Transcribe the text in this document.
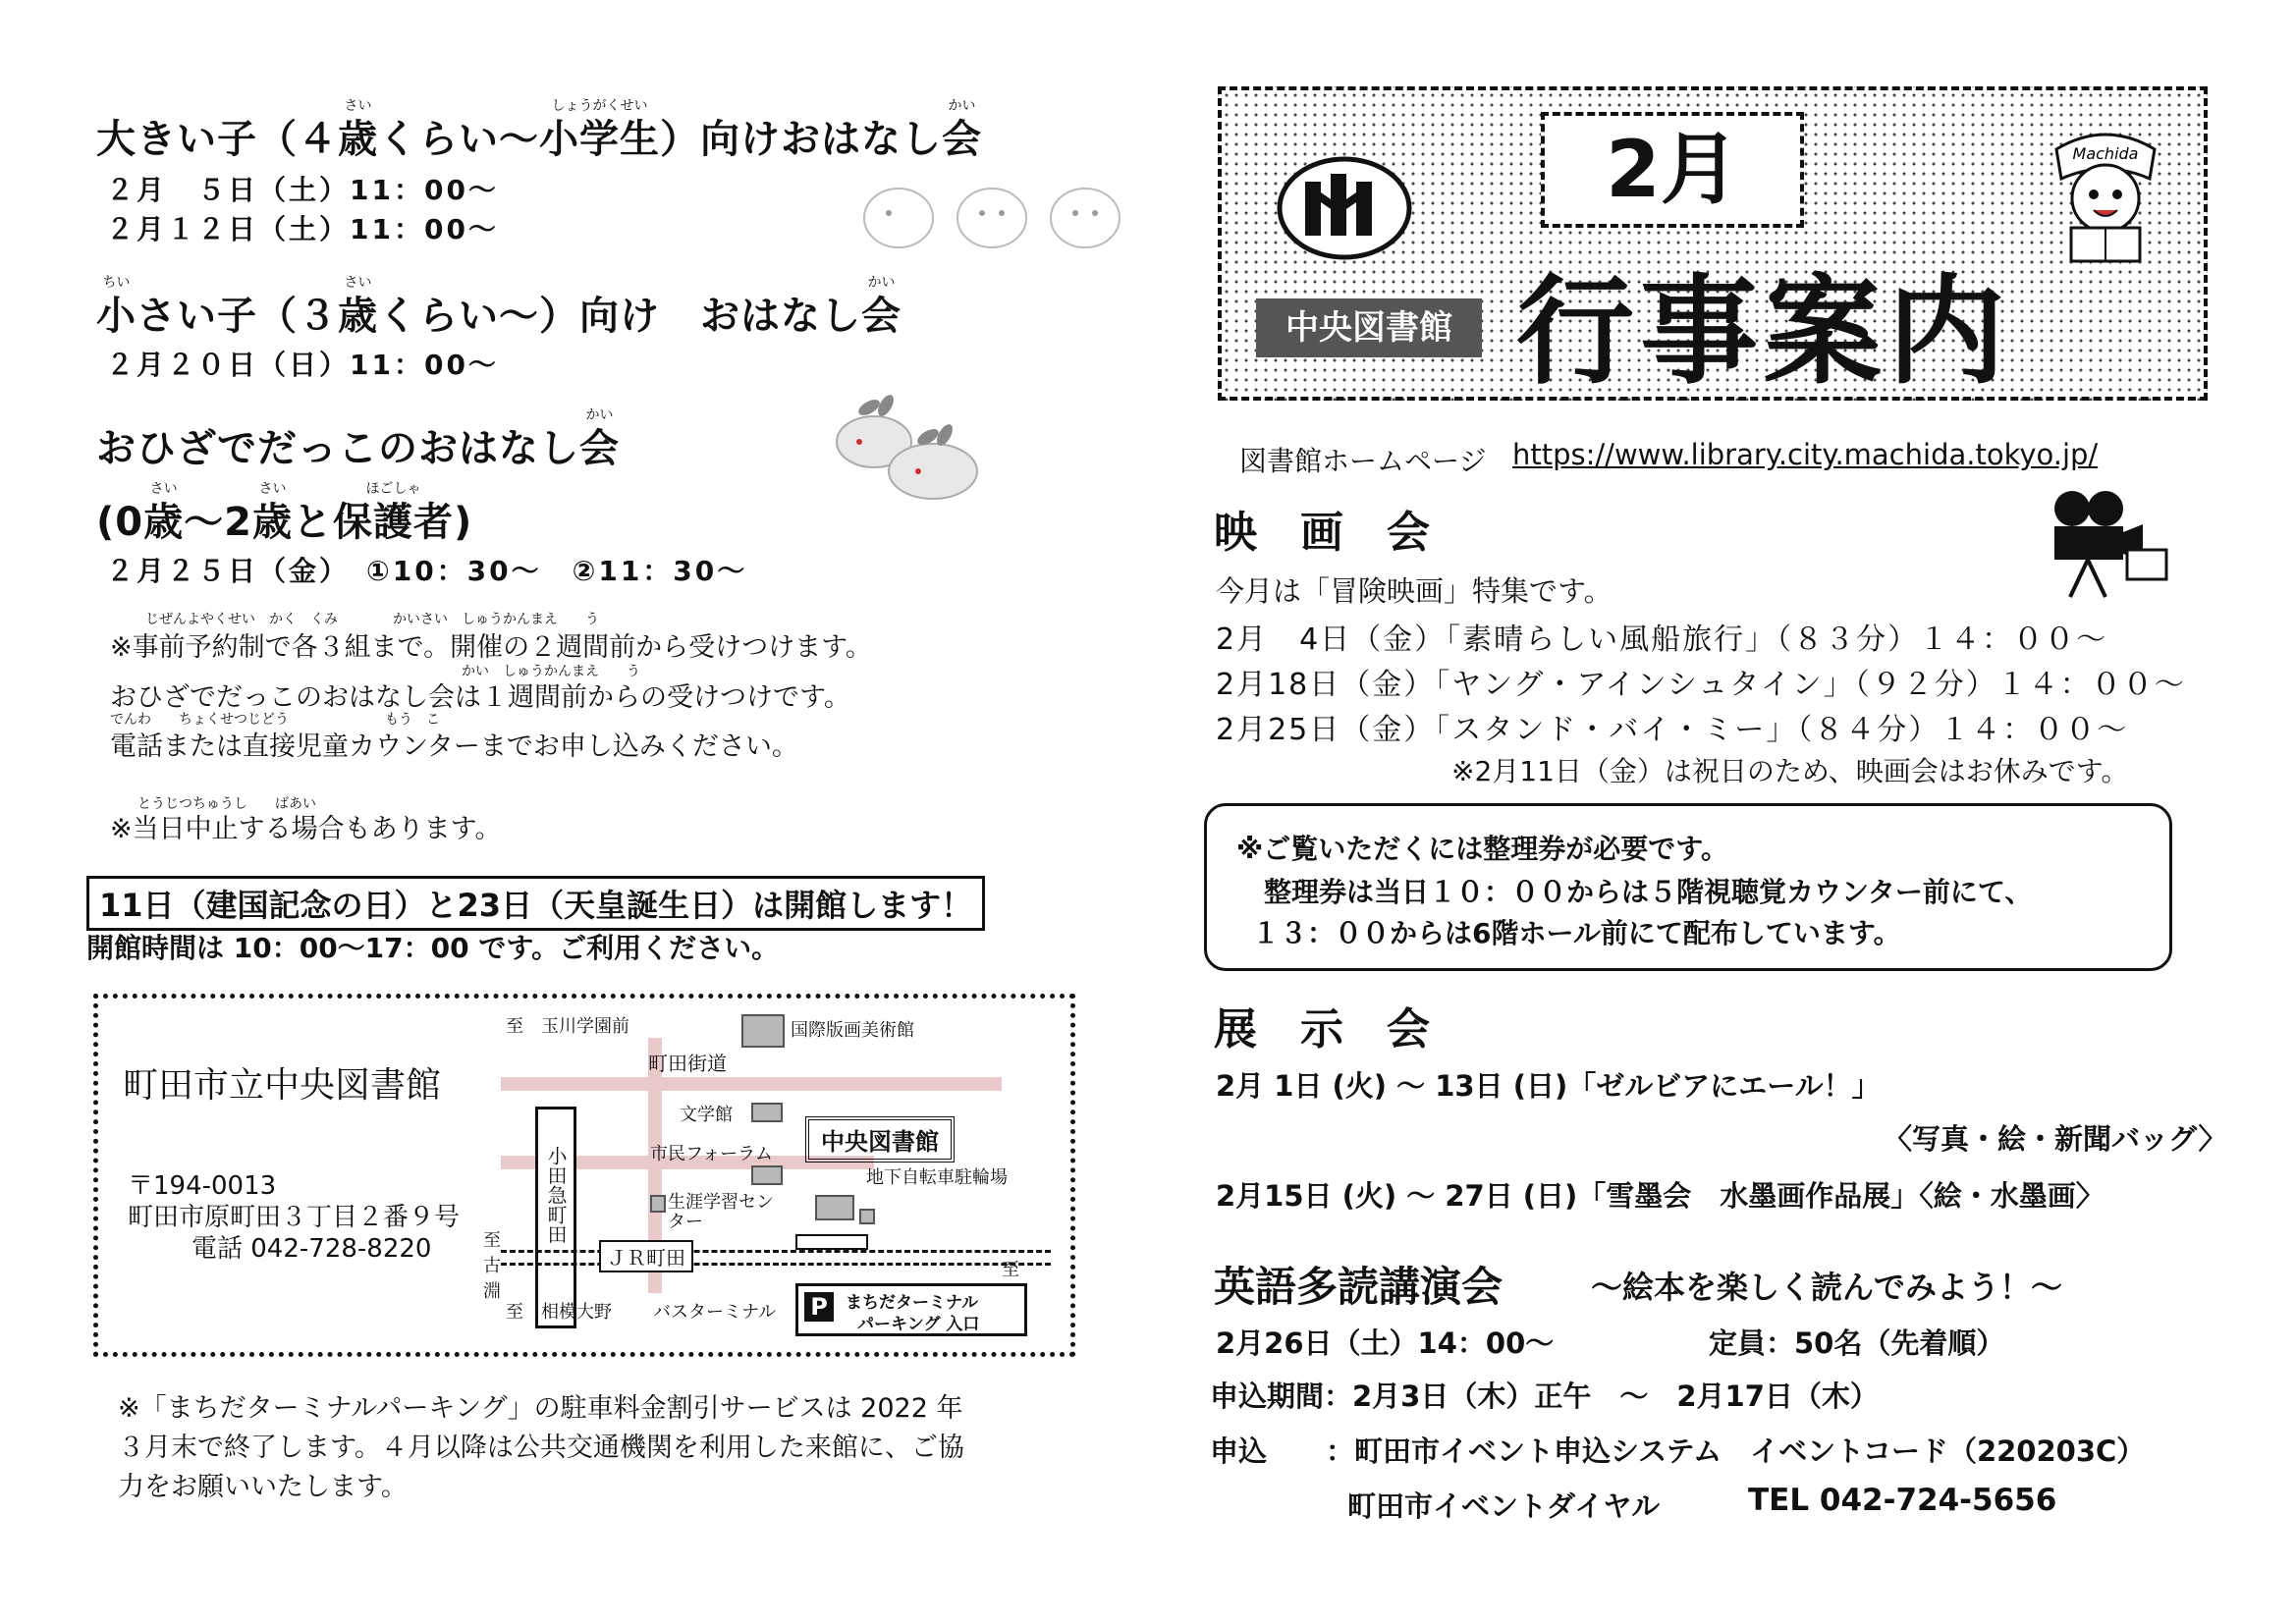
大きい子（４
さい
歳くらい～
しょうがくせい
小学生）向けおはなし
かい
会
２月　５日（土）11：00～
２月１２日（土）11：00～
ちい
小さい子（３
さい
歳くらい～）向け　おはなし
かい
会
２月２０日（日）11：00～
おひざでだっこのおはなし
かい
会
(0
さい
歳～2
さい
歳と
ほごしゃ
保護者)
２月２５日（金）　①10：30～　②11：30～
じぜんよやくせい　かく　くみ　　　　かいさい　しゅうかんまえ　　う
※事前予約制で各３組まで。開催の２週間前から受けつけます。
かい　しゅうかんまえ　　う
おひざでだっこのおはなし会は１週間前からの受けつけです。
でんわ　　ちょくせつじどう　　　　　　　もう　こ
電話または直接児童カウンターまでお申し込みください。
とうじつちゅうし　　ばあい
※当日中止する場合もあります。
11日（建国記念の日）と23日（天皇誕生日）は開館します！
開館時間は 10：00～17：00 です。ご利用ください。
町田市立中央図書館
〒194-0013
町田市原町田３丁目２番９号
電話 042-728-8220
小田急町田
ＪＲ町田
至　玉川学園前
至　相模大野
至 古淵
至
国際版画美術館
町田街道
文学館
市民フォーラム
生涯学習センター
中央図書館
地下自転車駐輪場
バスターミナル P	まちだターミナル
パーキング 入口
※「まちだターミナルパーキング」の駐車料金割引サービスは 2022 年
３月末で終了します。４月以降は公共交通機関を利用した来館に、ご協
力をお願いいたします。
中央図書館
2月
行事案内
Machida
図書館ホームページ https://www.library.city.machida.tokyo.jp/
映　画　会
今月は「冒険映画」特集です。
2月　4日（金）「素晴らしい風船旅行」（８３分）１４：００～
2月18日（金）「ヤング・アインシュタイン」（９２分）１４：００～
2月25日（金）「スタンド・バイ・ミー」（８４分）１４：００～
※2月11日（金）は祝日のため、映画会はお休みです。
※ご覧いただくには整理券が必要です。
整理券は当日１０：００からは５階視聴覚カウンター前にて、
１３：００からは6階ホール前にて配布しています。
展　示　会
2月 1日 (火) ～ 13日 (日)「ゼルビアにエール！」
〈写真・絵・新聞バッグ〉
2月15日 (火) ～ 27日 (日)「雪墨会　水墨画作品展」〈絵・水墨画〉
英語多読講演会	～絵本を楽しく読んでみよう！～
2月26日（土）14：00～	定員：50名（先着順）
申込期間：2月3日（木）正午　～　2月17日（木）
申込 ：町田市イベント申込システム　イベントコード（220203C）
町田市イベントダイヤル	TEL 042-724-5656
